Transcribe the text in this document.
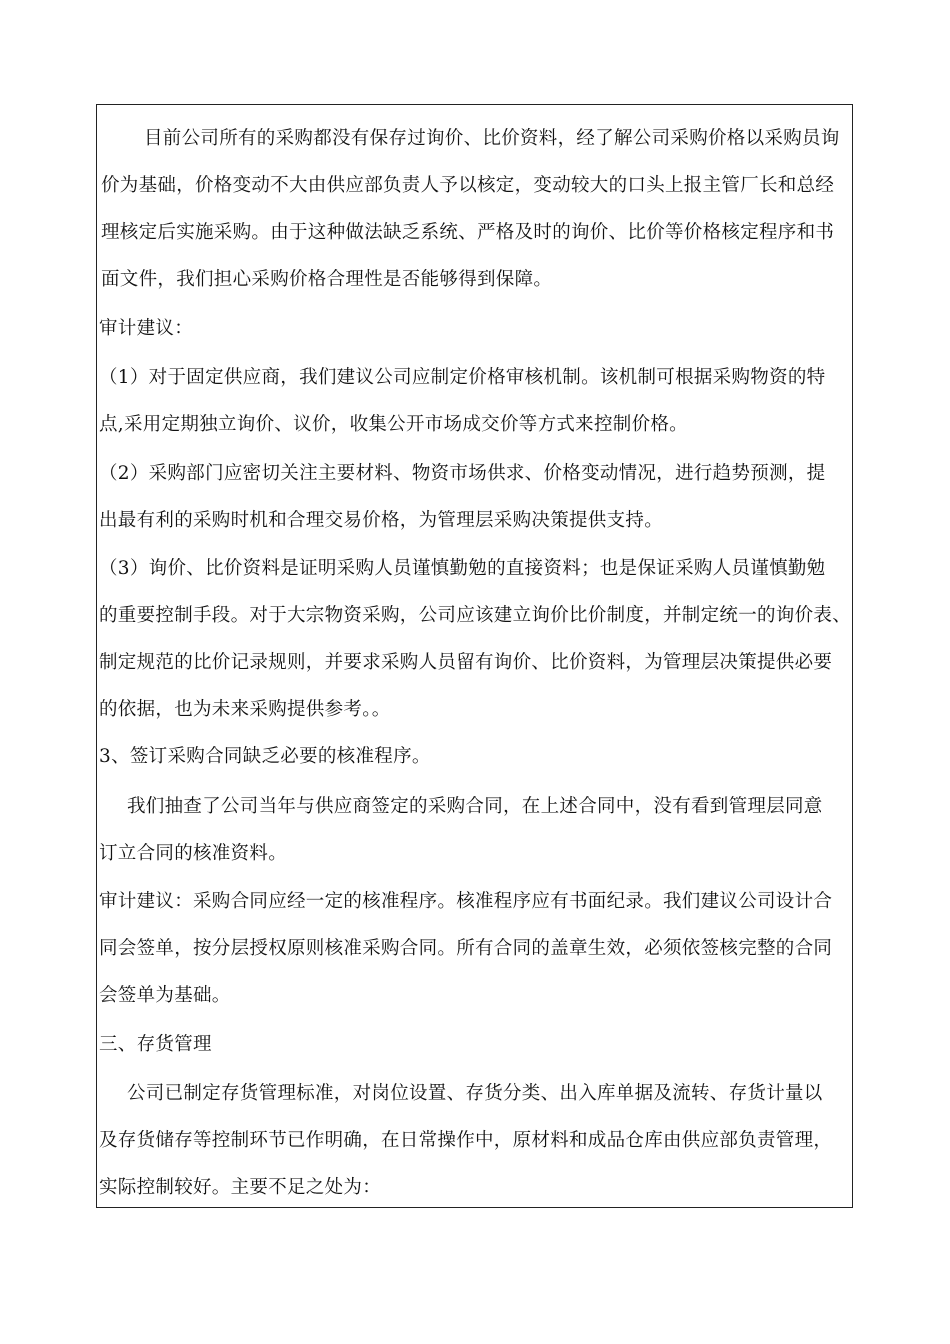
目前公司所有的采购都没有保存过询价、比价资料，经了解公司采购价格以采购员询
价为基础，价格变动不大由供应部负责人予以核定，变动较大的口头上报主管厂长和总经
理核定后实施采购。由于这种做法缺乏系统、严格及时的询价、比价等价格核定程序和书
面文件，我们担心采购价格合理性是否能够得到保障。
审计建议：
（1）对于固定供应商，我们建议公司应制定价格审核机制。该机制可根据采购物资的特
点,采用定期独立询价、议价，收集公开市场成交价等方式来控制价格。
（2）采购部门应密切关注主要材料、物资市场供求、价格变动情况，进行趋势预测，提
出最有利的采购时机和合理交易价格，为管理层采购决策提供支持。
（3）询价、比价资料是证明采购人员谨慎勤勉的直接资料；也是保证采购人员谨慎勤勉
的重要控制手段。对于大宗物资采购，公司应该建立询价比价制度，并制定统一的询价表、
制定规范的比价记录规则，并要求采购人员留有询价、比价资料，为管理层决策提供必要
的依据，也为未来采购提供参考。。
3、签订采购合同缺乏必要的核准程序。
我们抽查了公司当年与供应商签定的采购合同，在上述合同中，没有看到管理层同意
订立合同的核准资料。
审计建议：采购合同应经一定的核准程序。核准程序应有书面纪录。我们建议公司设计合
同会签单，按分层授权原则核准采购合同。所有合同的盖章生效，必须依签核完整的合同
会签单为基础。
三、存货管理
公司已制定存货管理标准，对岗位设置、存货分类、出入库单据及流转、存货计量以
及存货储存等控制环节已作明确，在日常操作中，原材料和成品仓库由供应部负责管理，
实际控制较好。主要不足之处为：
